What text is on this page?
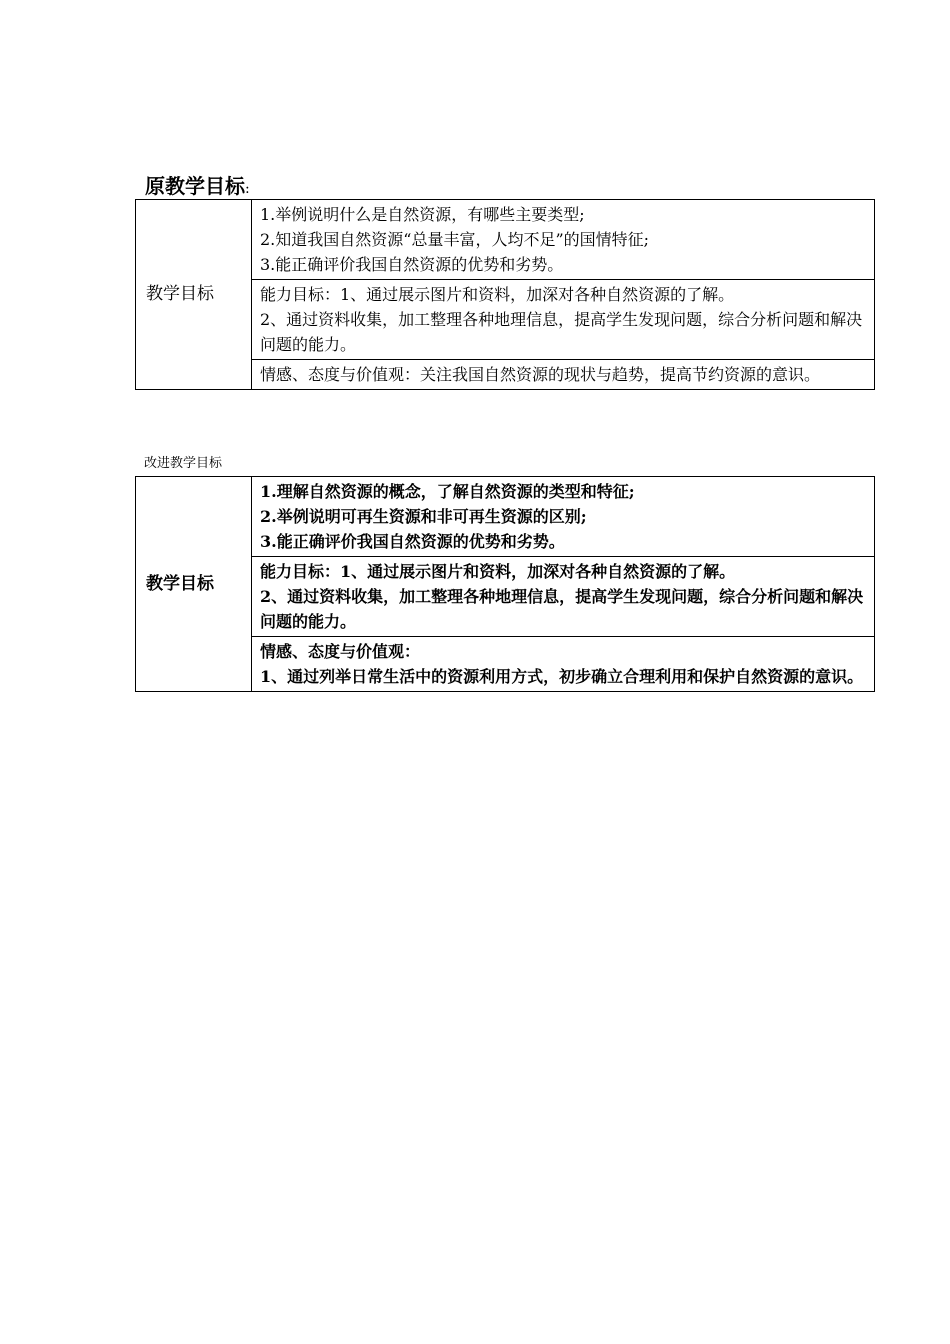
原教学目标:
教学目标	
1.举例说明什么是自然资源，有哪些主要类型;
2.知道我国自然资源“总量丰富，人均不足”的国情特征;
3.能正确评价我国自然资源的优势和劣势。

能力目标：1、通过展示图片和资料，加深对各种自然资源的了解。
2、通过资料收集，加工整理各种地理信息，提高学生发现问题，综合分析问题和解决问题的能力。

情感、态度与价值观：关注我国自然资源的现状与趋势，提高节约资源的意识。
改进教学目标
教学目标	
1.理解自然资源的概念，了解自然资源的类型和特征;
2.举例说明可再生资源和非可再生资源的区别;
3.能正确评价我国自然资源的优势和劣势。

能力目标：1、通过展示图片和资料，加深对各种自然资源的了解。
2、通过资料收集，加工整理各种地理信息，提高学生发现问题，综合分析问题和解决问题的能力。

情感、态度与价值观：
1、通过列举日常生活中的资源利用方式，初步确立合理利用和保护自然资源的意识。
